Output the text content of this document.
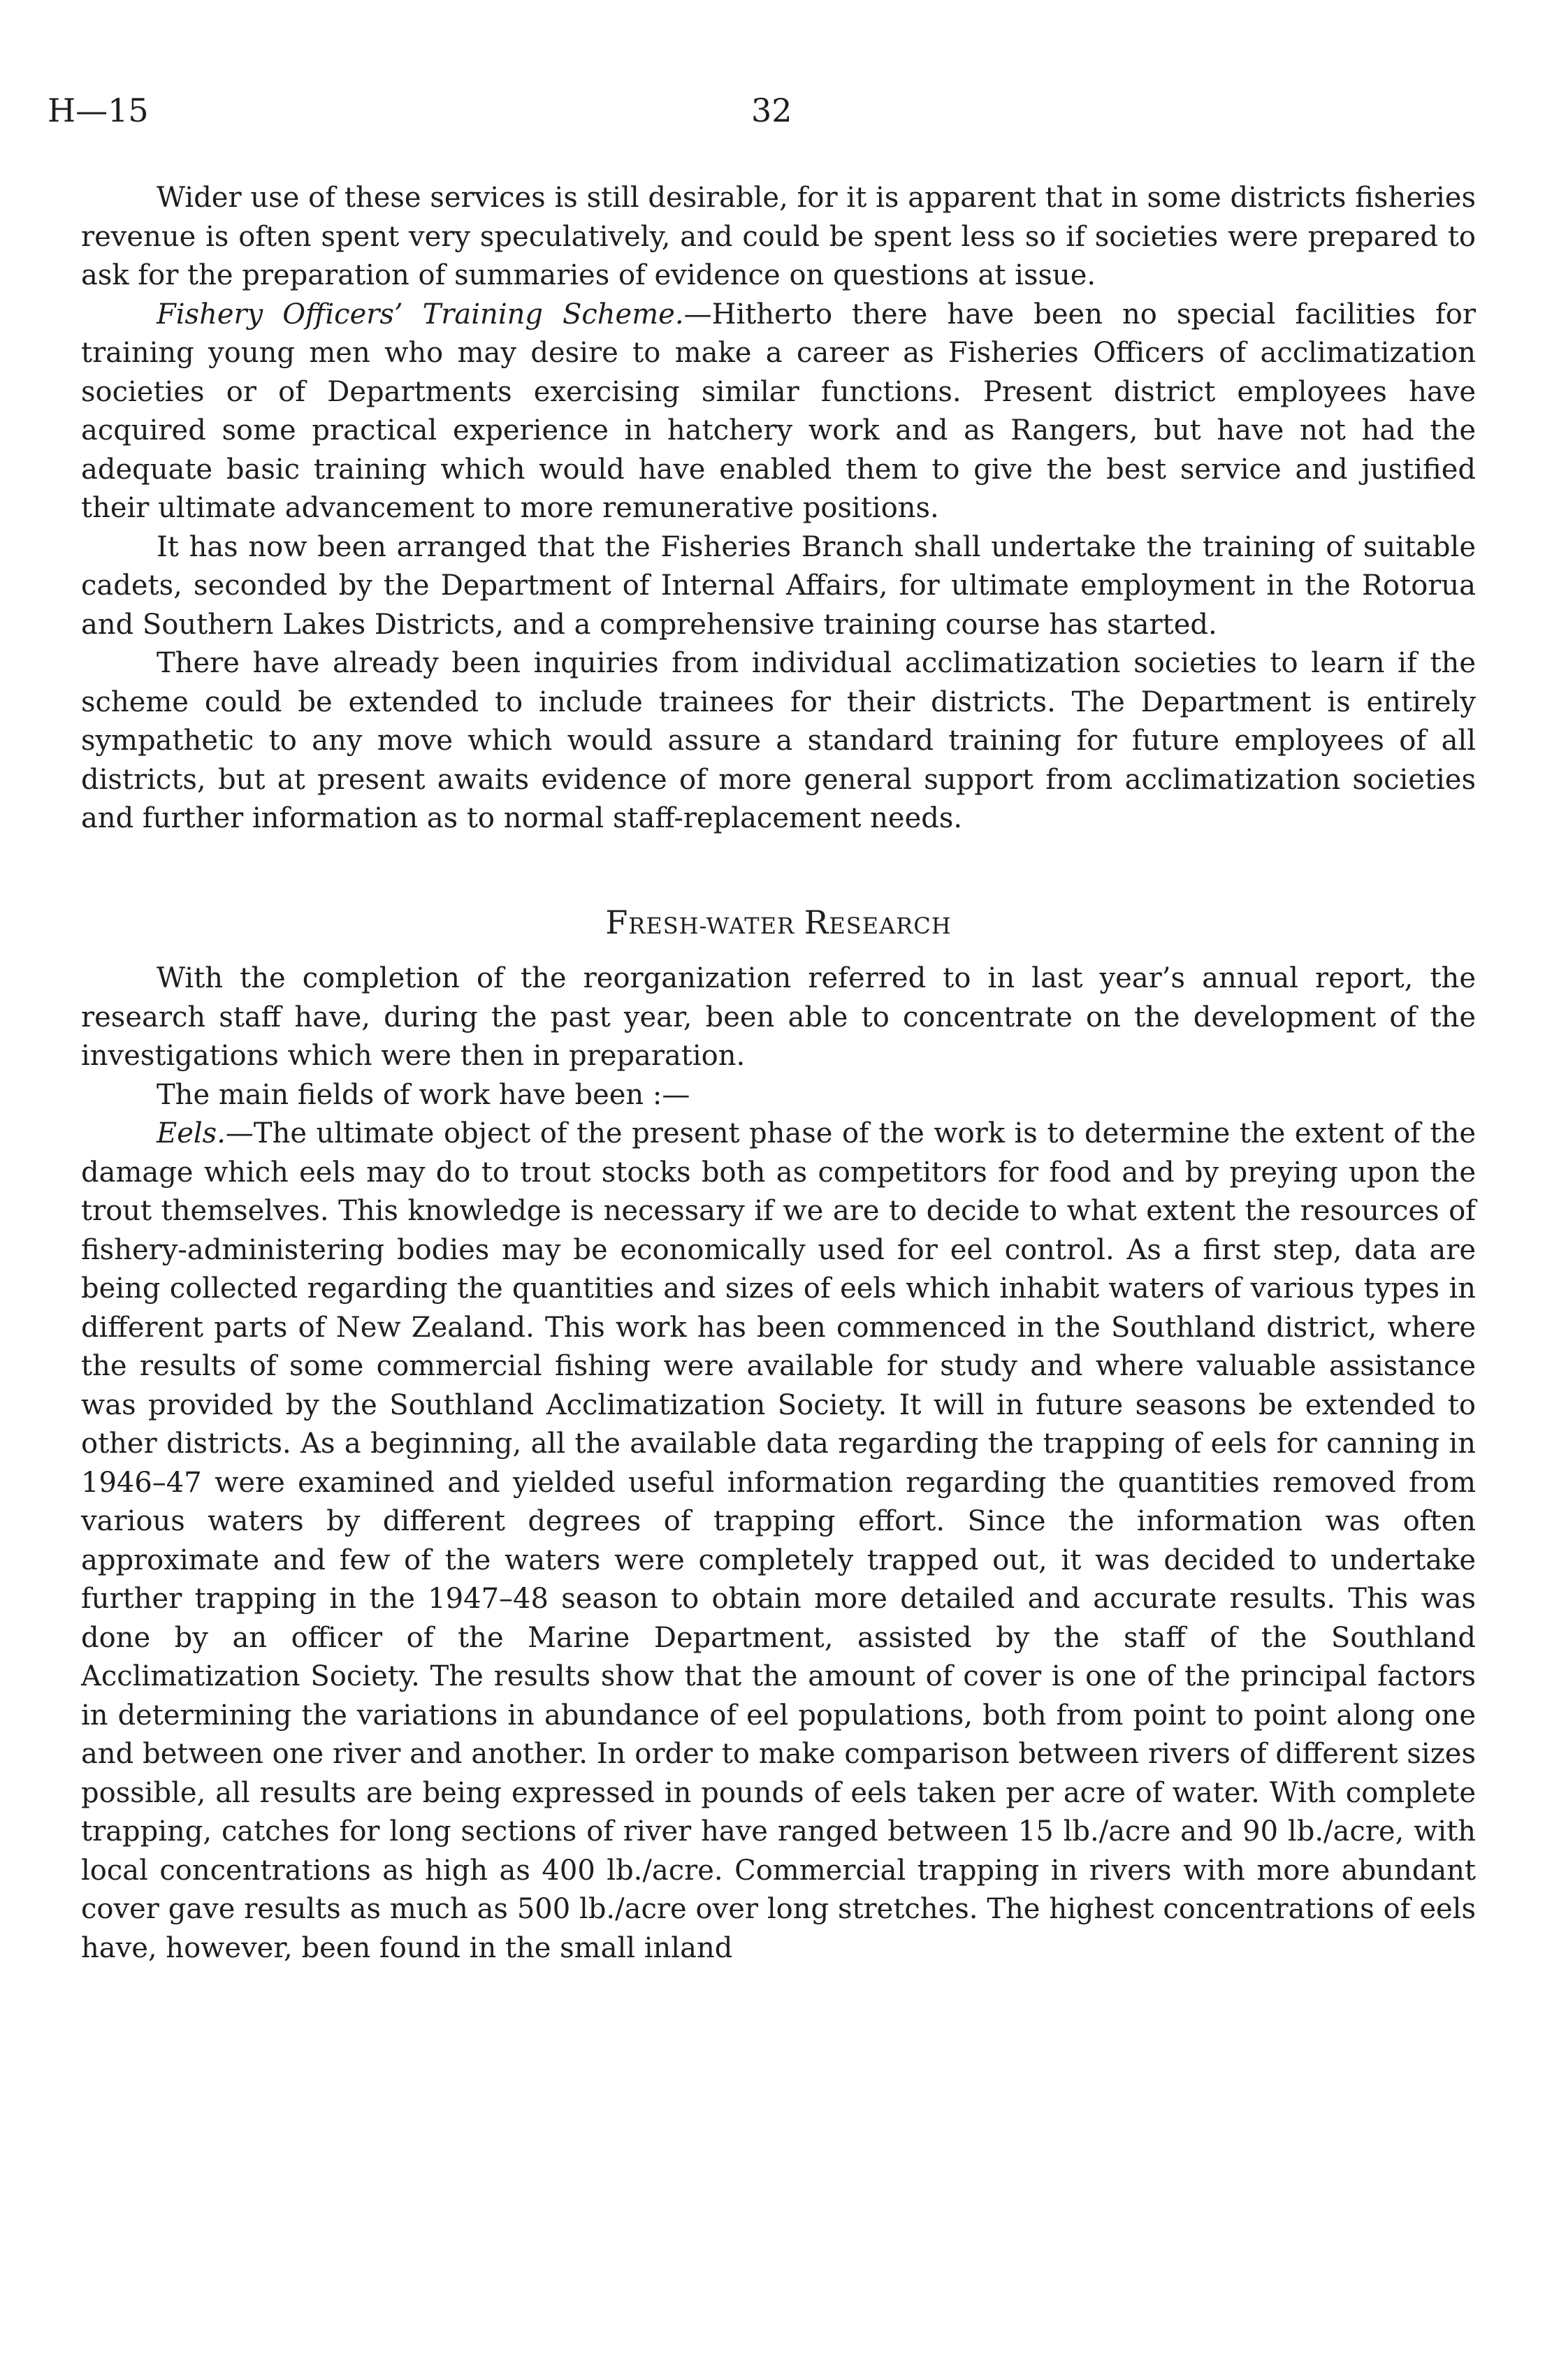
H—15	32

Wider use of these services is still desirable, for it is apparent that in some districts fisheries revenue is often spent very speculatively, and could be spent less so if societies were prepared to ask for the preparation of summaries of evidence on questions at issue.

Fishery Officers’ Training Scheme.—Hitherto there have been no special facilities for training young men who may desire to make a career as Fisheries Officers of acclimatization societies or of Departments exercising similar functions. Present district employees have acquired some practical experience in hatchery work and as Rangers, but have not had the adequate basic training which would have enabled them to give the best service and justified their ultimate advancement to more remunerative positions.

It has now been arranged that the Fisheries Branch shall undertake the training of suitable cadets, seconded by the Department of Internal Affairs, for ultimate employment in the Rotorua and Southern Lakes Districts, and a comprehensive training course has started.

There have already been inquiries from individual acclimatization societies to learn if the scheme could be extended to include trainees for their districts. The Department is entirely sympathetic to any move which would assure a standard training for future employees of all districts, but at present awaits evidence of more general support from acclimatization societies and further information as to normal staff-replacement needs.

FRESH-WATER RESEARCH

With the completion of the reorganization referred to in last year’s annual report, the research staff have, during the past year, been able to concentrate on the development of the investigations which were then in preparation.

The main fields of work have been :—

Eels.—The ultimate object of the present phase of the work is to determine the extent of the damage which eels may do to trout stocks both as competitors for food and by preying upon the trout themselves. This knowledge is necessary if we are to decide to what extent the resources of fishery-administering bodies may be economically used for eel control. As a first step, data are being collected regarding the quantities and sizes of eels which inhabit waters of various types in different parts of New Zealand. This work has been commenced in the Southland district, where the results of some commercial fishing were available for study and where valuable assistance was provided by the Southland Acclimatization Society. It will in future seasons be extended to other districts. As a beginning, all the available data regarding the trapping of eels for canning in 1946–47 were examined and yielded useful information regarding the quantities removed from various waters by different degrees of trapping effort. Since the information was often approximate and few of the waters were completely trapped out, it was decided to undertake further trapping in the 1947–48 season to obtain more detailed and accurate results. This was done by an officer of the Marine Department, assisted by the staff of the Southland Acclimatization Society. The results show that the amount of cover is one of the principal factors in determining the variations in abundance of eel populations, both from point to point along one and between one river and another. In order to make comparison between rivers of different sizes possible, all results are being expressed in pounds of eels taken per acre of water. With complete trapping, catches for long sections of river have ranged between 15 lb./acre and 90 lb./acre, with local concentrations as high as 400 lb./acre. Commercial trapping in rivers with more abundant cover gave results as much as 500 lb./acre over long stretches. The highest concentrations of eels have, however, been found in the small inland
